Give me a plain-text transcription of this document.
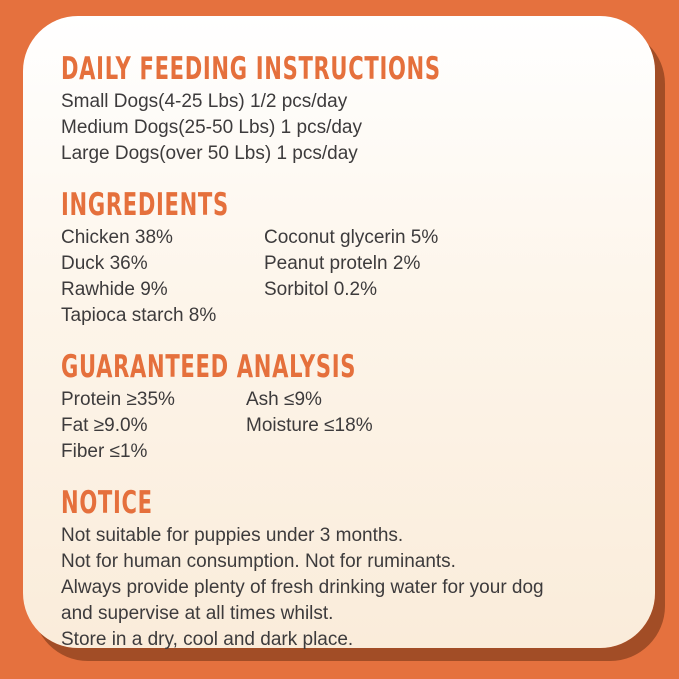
DAILY FEEDING INSTRUCTIONS
Small Dogs(4-25 Lbs) 1/2 pcs/day
Medium Dogs(25-50 Lbs) 1 pcs/day
Large Dogs(over 50 Lbs) 1 pcs/day
INGREDIENTS
Chicken 38%
Duck 36%
Rawhide 9%
Tapioca starch 8%
Coconut glycerin 5%
Peanut proteln 2%
Sorbitol 0.2%
GUARANTEED ANALYSIS
Protein ≥35%
Fat ≥9.0%
Fiber ≤1%
Ash ≤9%
Moisture ≤18%
NOTICE
Not suitable for puppies under 3 months.
Not for human consumption. Not for ruminants.
Always provide plenty of fresh drinking water for your dog
and supervise at all times whilst.
Store in a dry, cool and dark place.
